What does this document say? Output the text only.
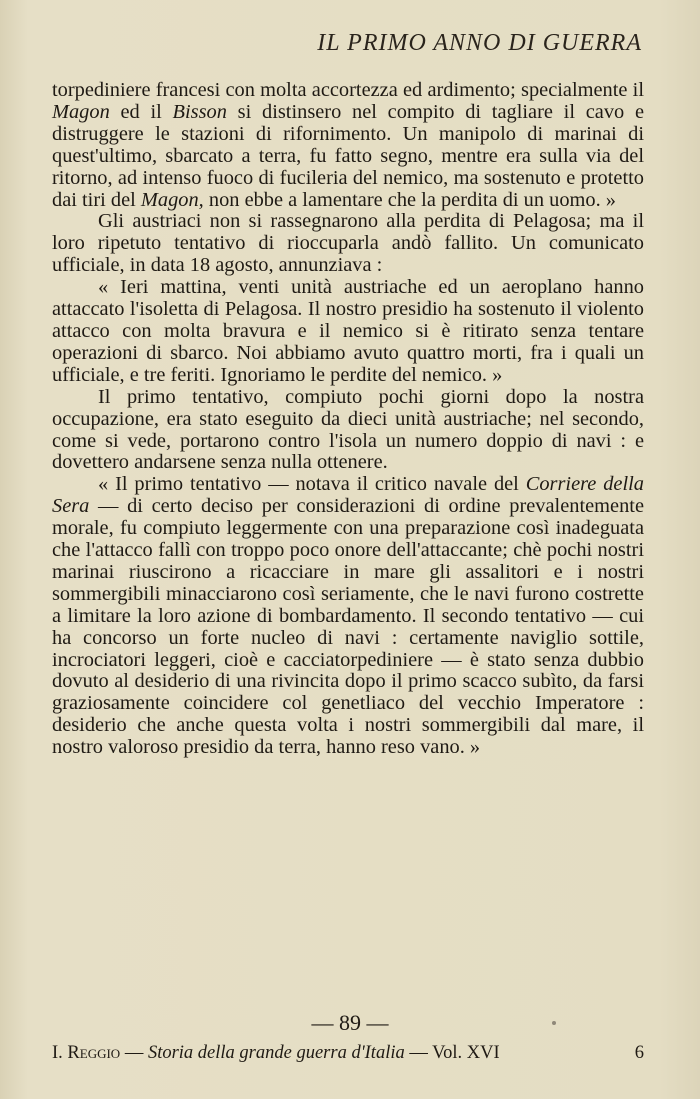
IL PRIMO ANNO DI GUERRA

torpediniere francesi con molta accortezza ed ardimento; specialmente il Magon ed il Bisson si distinsero nel compito di tagliare il cavo e distruggere le stazioni di rifornimento. Un manipolo di marinai di quest'ultimo, sbarcato a terra, fu fatto segno, mentre era sulla via del ritorno, ad intenso fuoco di fucileria del nemico, ma sostenuto e protetto dai tiri del Magon, non ebbe a lamentare che la perdita di un uomo. »

Gli austriaci non si rassegnarono alla perdita di Pelagosa; ma il loro ripetuto tentativo di rioccuparla andò fallito. Un comunicato ufficiale, in data 18 agosto, annunziava :

« Ieri mattina, venti unità austriache ed un aeroplano hanno attaccato l'isoletta di Pelagosa. Il nostro presidio ha sostenuto il violento attacco con molta bravura e il nemico si è ritirato senza tentare operazioni di sbarco. Noi abbiamo avuto quattro morti, fra i quali un ufficiale, e tre feriti. Ignoriamo le perdite del nemico. »

Il primo tentativo, compiuto pochi giorni dopo la nostra occupazione, era stato eseguito da dieci unità austriache; nel secondo, come si vede, portarono contro l'isola un numero doppio di navi : e dovettero andarsene senza nulla ottenere.

« Il primo tentativo — notava il critico navale del Corriere della Sera — di certo deciso per considerazioni di ordine prevalentemente morale, fu compiuto leggermente con una preparazione così inadeguata che l'attacco fallì con troppo poco onore dell'attaccante; chè pochi nostri marinai riuscirono a ricacciare in mare gli assalitori e i nostri sommergibili minacciarono così seriamente, che le navi furono costrette a limitare la loro azione di bombardamento. Il secondo tentativo — cui ha concorso un forte nucleo di navi : certamente naviglio sottile, incrociatori leggeri, cioè e cacciatorpediniere — è stato senza dubbio dovuto al desiderio di una rivincita dopo il primo scacco subìto, da farsi graziosamente coincidere col genetliaco del vecchio Imperatore : desiderio che anche questa volta i nostri sommergibili dal mare, il nostro valoroso presidio da terra, hanno reso vano. »

— 89 —
I. Reggio — Storia della grande guerra d'Italia — Vol. XVI	6
